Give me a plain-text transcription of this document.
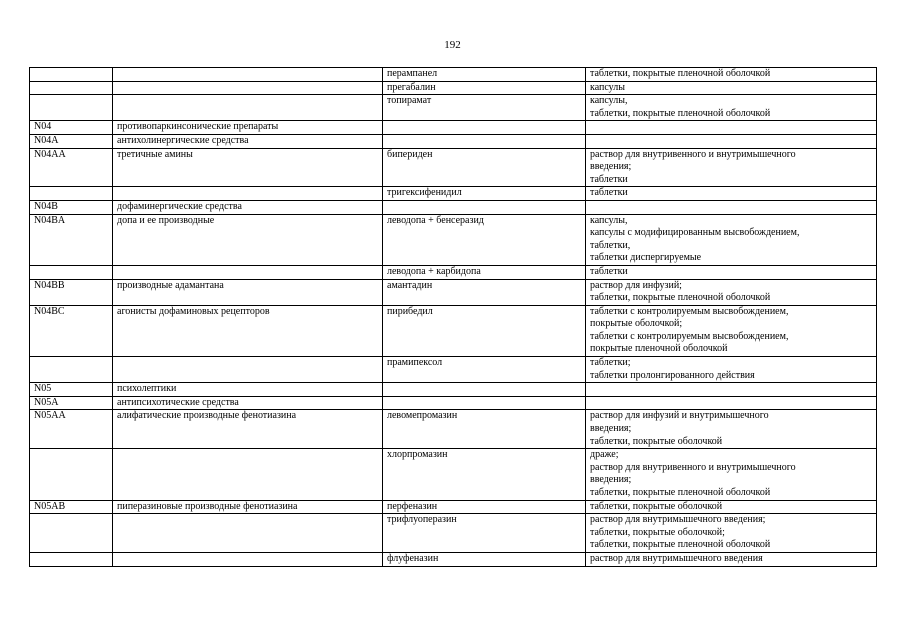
192

		перампанел	таблетки, покрытые пленочной оболочкой

		прегабалин	капсулы

		топирамат	капсулы,
таблетки, покрытые пленочной оболочкой

N04	противопаркинсонические препараты		

N04A	антихолинергические средства		

N04AA	третичные амины	бипериден	раствор для внутривенного и внутримышечного
введения;
таблетки

		тригексифенидил	таблетки

N04B	дофаминергические средства		

N04BA	допа и ее производные	леводопа + бенсеразид	капсулы,
капсулы с модифицированным высвобождением,
таблетки,
таблетки диспергируемые

		леводопа + карбидопа	таблетки

N04BB	производные адамантана	амантадин	раствор для инфузий;
таблетки, покрытые пленочной оболочкой

N04BC	агонисты дофаминовых рецепторов	пирибедил	таблетки с контролируемым высвобождением,
покрытые оболочкой;
таблетки с контролируемым высвобождением,
покрытые пленочной оболочкой

		прамипексол	таблетки;
таблетки пролонгированного действия

N05	психолептики		

N05A	антипсихотические средства		

N05AA	алифатические производные фенотиазина	левомепромазин	раствор для инфузий и внутримышечного
введения;
таблетки, покрытые оболочкой

		хлорпромазин	драже;
раствор для внутривенного и внутримышечного
введения;
таблетки, покрытые пленочной оболочкой

N05AB	пиперазиновые производные фенотиазина	перфеназин	таблетки, покрытые оболочкой

		трифлуоперазин	раствор для внутримышечного введения;
таблетки, покрытые оболочкой;
таблетки, покрытые пленочной оболочкой

		флуфеназин	раствор для внутримышечного введения
